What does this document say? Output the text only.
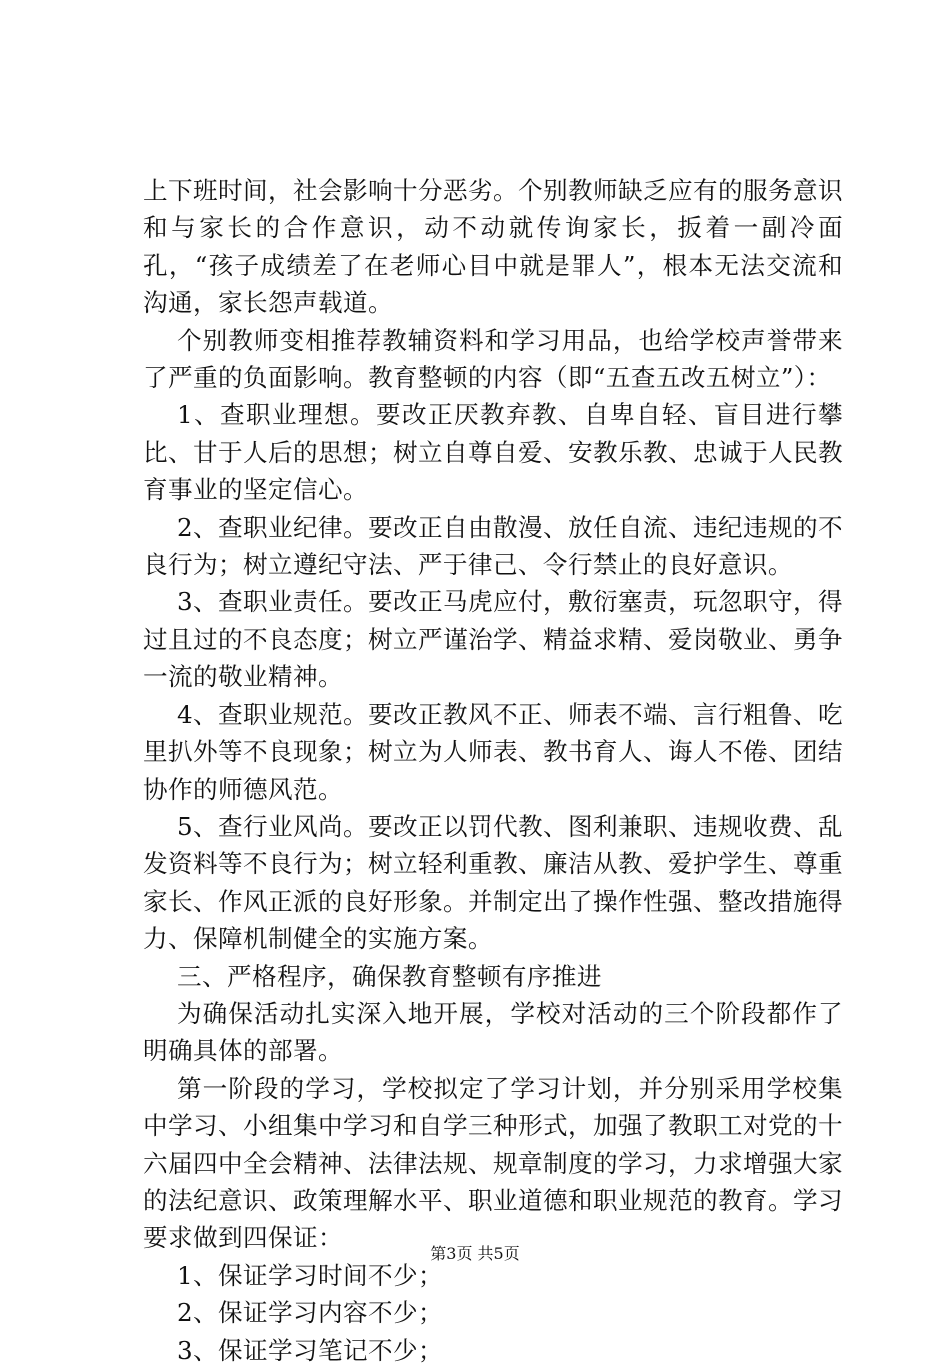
上下班时间，社会影响十分恶劣。个别教师缺乏应有的服务意识和与家长的合作意识，动不动就传询家长，扳着一副冷面孔，“孩子成绩差了在老师心目中就是罪人”，根本无法交流和沟通，家长怨声载道。

个别教师变相推荐教辅资料和学习用品，也给学校声誉带来了严重的负面影响。教育整顿的内容（即“五查五改五树立”）：

1、查职业理想。要改正厌教弃教、自卑自轻、盲目进行攀比、甘于人后的思想；树立自尊自爱、安教乐教、忠诚于人民教育事业的坚定信心。

2、查职业纪律。要改正自由散漫、放任自流、违纪违规的不良行为；树立遵纪守法、严于律己、令行禁止的良好意识。

3、查职业责任。要改正马虎应付，敷衍塞责，玩忽职守，得过且过的不良态度；树立严谨治学、精益求精、爱岗敬业、勇争一流的敬业精神。

4、查职业规范。要改正教风不正、师表不端、言行粗鲁、吃里扒外等不良现象；树立为人师表、教书育人、诲人不倦、团结协作的师德风范。

5、查行业风尚。要改正以罚代教、图利兼职、违规收费、乱发资料等不良行为；树立轻利重教、廉洁从教、爱护学生、尊重家长、作风正派的良好形象。并制定出了操作性强、整改措施得力、保障机制健全的实施方案。

三、严格程序，确保教育整顿有序推进

为确保活动扎实深入地开展，学校对活动的三个阶段都作了明确具体的部署。

第一阶段的学习，学校拟定了学习计划，并分别采用学校集中学习、小组集中学习和自学三种形式，加强了教职工对党的十六届四中全会精神、法律法规、规章制度的学习，力求增强大家的法纪意识、政策理解水平、职业道德和职业规范的教育。学习要求做到四保证：

1、保证学习时间不少；

2、保证学习内容不少；

3、保证学习笔记不少；

第3页 共5页
